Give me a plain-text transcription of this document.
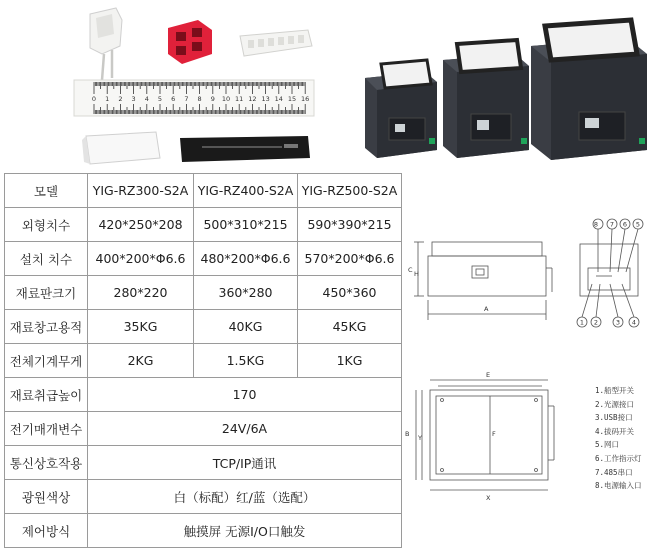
0 1 2 3 4 5 6 7 8 9 10 11 12 13 14 15 16
모델	YIG-RZ300-S2A	YIG-RZ400-S2A	YIG-RZ500-S2A
외형치수	420*250*208	500*310*215	590*390*215
설치 치수	400*200*Φ6.6	480*200*Φ6.6	570*200*Φ6.6
재료판크기	280*220	360*280	450*360
재료창고용적	35KG	40KG	45KG
전체기계무게	2KG	1.5KG	1KG
재료취급높이	170		
전기매개변수	24V/6A		
통신상호작용	TCP/IP通讯		
광원색상	白（标配）红/蓝（选配）		
제어방식	触摸屏 无源I/O口触发		
C H
A
E
F
B Y
X
8 7 6 5
1 2	3 4
1.船型开关
2.光源接口
3.USB接口
4.拔码开关
5.网口
6.工作指示灯
7.485串口
8.电源输入口
